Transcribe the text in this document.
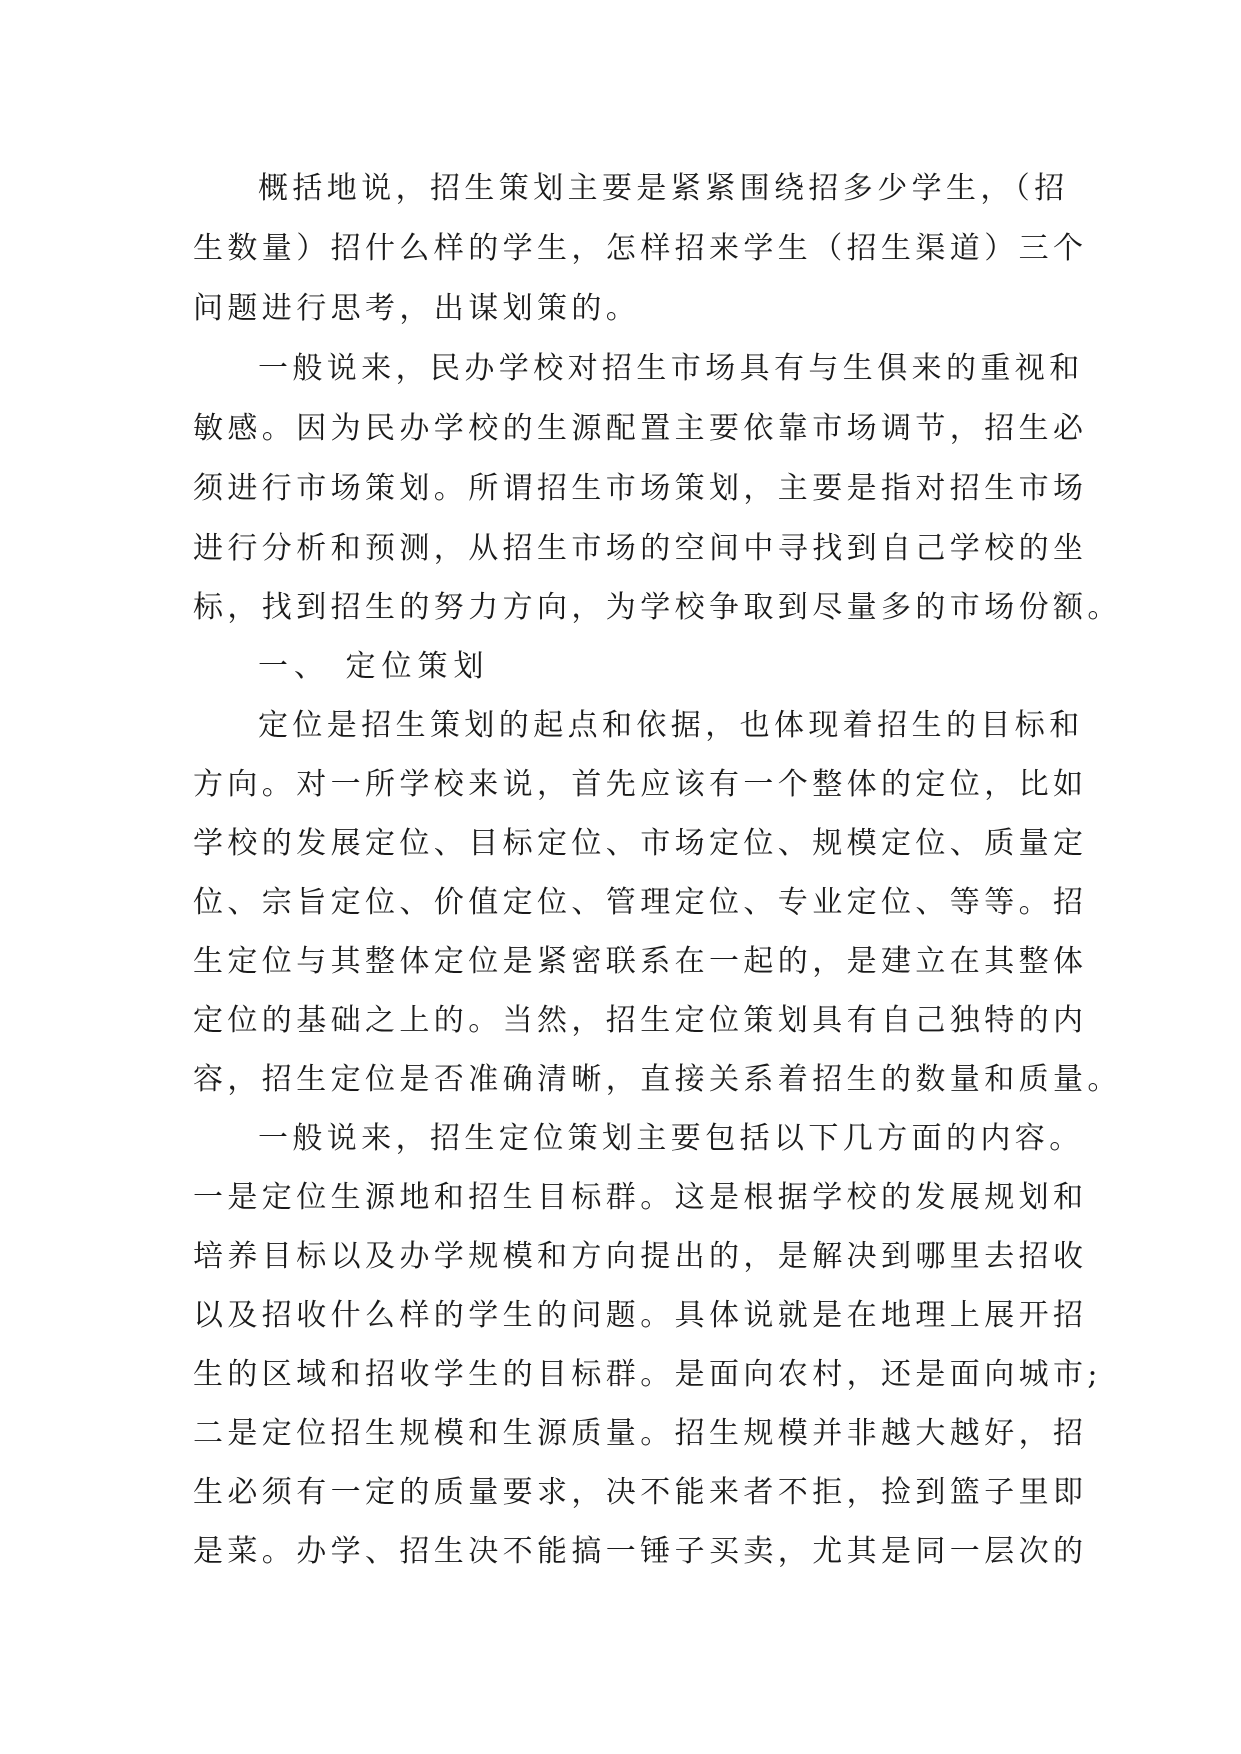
概括地说，招生策划主要是紧紧围绕招多少学生，（招
生数量）招什么样的学生，怎样招来学生（招生渠道）三个
问题进行思考，出谋划策的。
一般说来，民办学校对招生市场具有与生俱来的重视和
敏感。因为民办学校的生源配置主要依靠市场调节，招生必
须进行市场策划。所谓招生市场策划，主要是指对招生市场
进行分析和预测，从招生市场的空间中寻找到自己学校的坐
标，找到招生的努力方向，为学校争取到尽量多的市场份额。
一、 定位策划
定位是招生策划的起点和依据，也体现着招生的目标和
方向。对一所学校来说，首先应该有一个整体的定位，比如
学校的发展定位、目标定位、市场定位、规模定位、质量定
位、宗旨定位、价值定位、管理定位、专业定位、等等。招
生定位与其整体定位是紧密联系在一起的，是建立在其整体
定位的基础之上的。当然，招生定位策划具有自己独特的内
容，招生定位是否准确清晰，直接关系着招生的数量和质量。
一般说来，招生定位策划主要包括以下几方面的内容。
一是定位生源地和招生目标群。这是根据学校的发展规划和
培养目标以及办学规模和方向提出的，是解决到哪里去招收
以及招收什么样的学生的问题。具体说就是在地理上展开招
生的区域和招收学生的目标群。是面向农村，还是面向城市;
二是定位招生规模和生源质量。招生规模并非越大越好，招
生必须有一定的质量要求，决不能来者不拒，捡到篮子里即
是菜。办学、招生决不能搞一锤子买卖，尤其是同一层次的
